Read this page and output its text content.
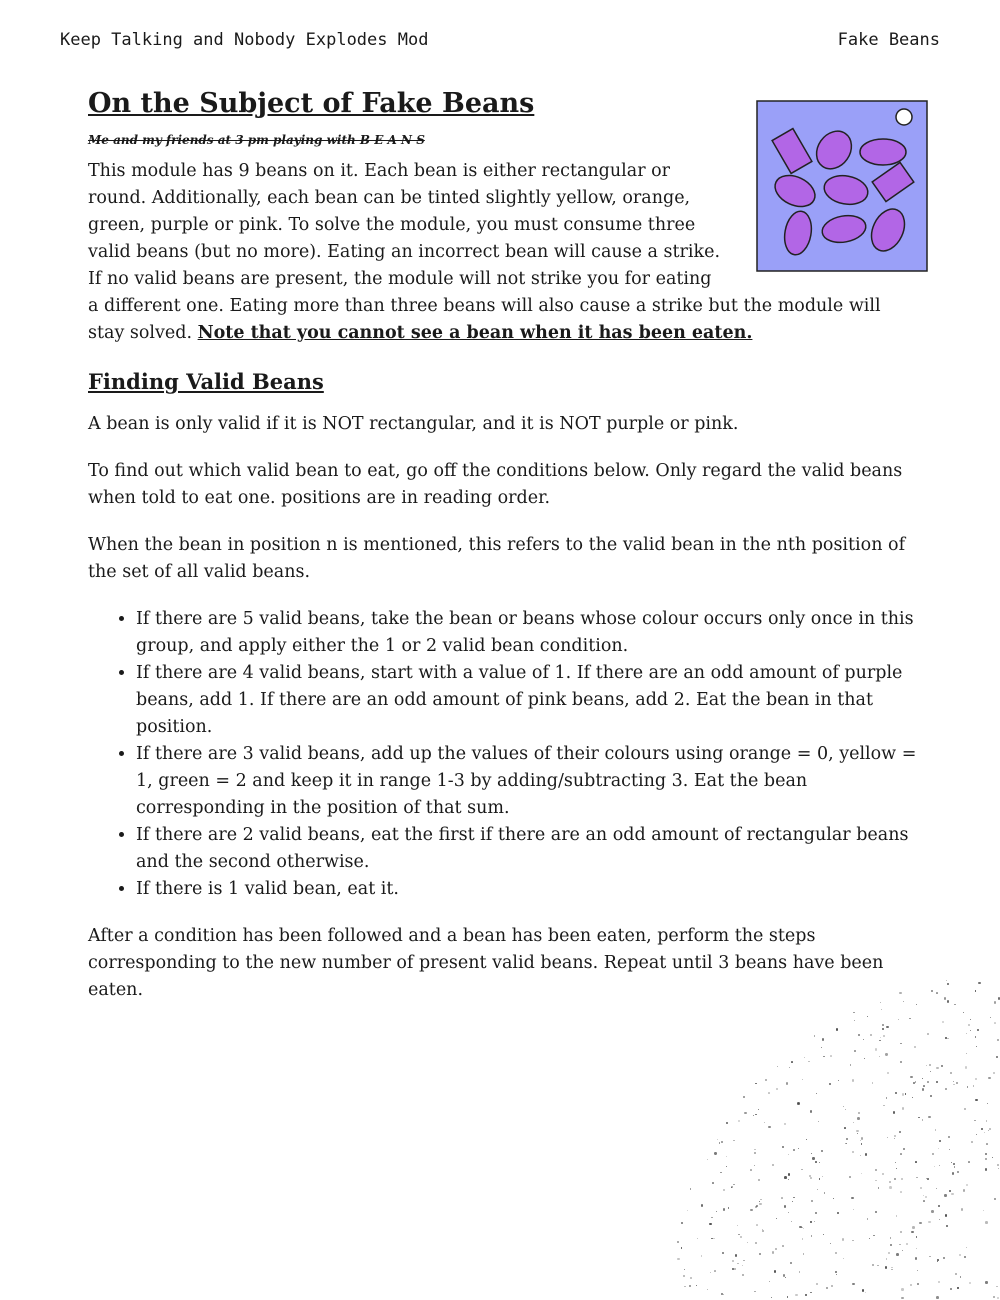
Keep Talking and Nobody Explodes Mod	Fake Beans
On the Subject of Fake Beans
Me and my friends at 3 pm playing with B E A N S

This module has 9 beans on it. Each bean is either rectangular or round. Additionally, each bean can be tinted slightly yellow, orange, green, purple or pink. To solve the module, you must consume three valid beans (but no more). Eating an incorrect bean will cause a strike. If no valid beans are present, the module will not strike you for eating a different one. Eating more than three beans will also cause a strike but the module will stay solved. Note that you cannot see a bean when it has been eaten.

Finding Valid Beans

A bean is only valid if it is NOT rectangular, and it is NOT purple or pink.

To find out which valid bean to eat, go off the conditions below. Only regard the valid beans when told to eat one. positions are in reading order.

When the bean in position n is mentioned, this refers to the valid bean in the nth position of the set of all valid beans.

• If there are 5 valid beans, take the bean or beans whose colour occurs only once in this group, and apply either the 1 or 2 valid bean condition.
• If there are 4 valid beans, start with a value of 1. If there are an odd amount of purple beans, add 1. If there are an odd amount of pink beans, add 2. Eat the bean in that position.
• If there are 3 valid beans, add up the values of their colours using orange = 0, yellow = 1, green = 2 and keep it in range 1-3 by adding/subtracting 3. Eat the bean corresponding in the position of that sum.
• If there are 2 valid beans, eat the first if there are an odd amount of rectangular beans and the second otherwise.
• If there is 1 valid bean, eat it.

After a condition has been followed and a bean has been eaten, perform the steps corresponding to the new number of present valid beans. Repeat until 3 beans have been eaten.
